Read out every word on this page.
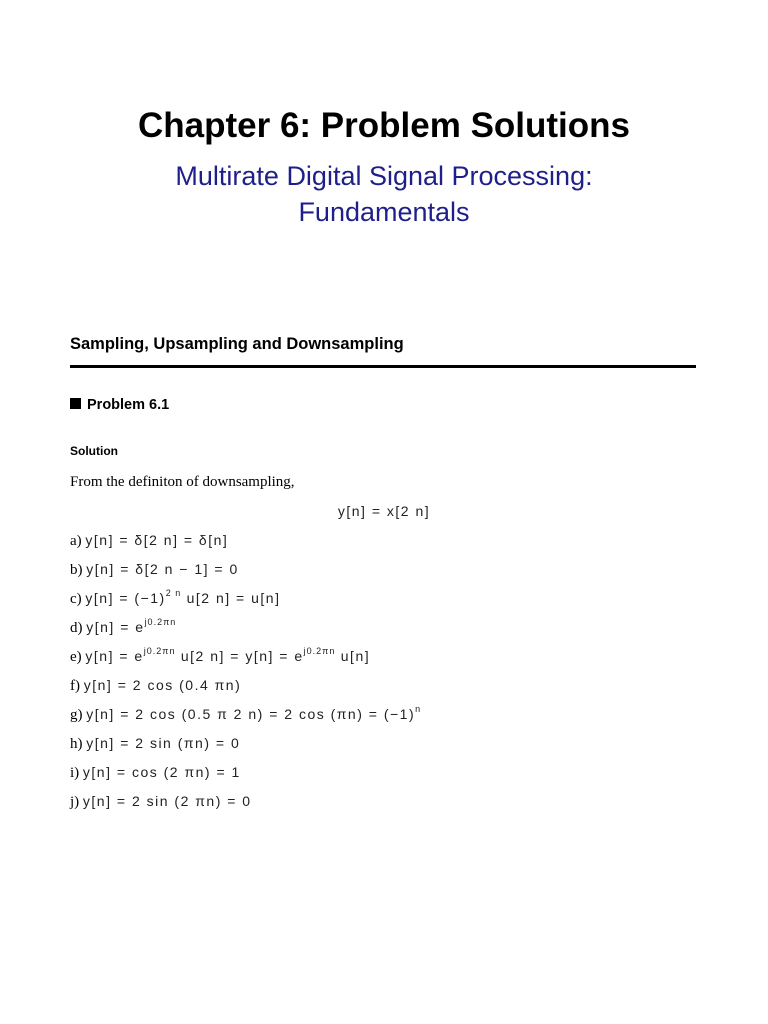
Chapter 6: Problem Solutions
Multirate Digital Signal Processing:
Fundamentals
Sampling, Upsampling and Downsampling
Problem 6.1
Solution

From the definiton of downsampling,

y[n] = x[2 n]
a) y[n] = δ[2 n] = δ[n]
b) y[n] = δ[2 n − 1] = 0
c) $y[n] = (-1)^{2 n}$ u[2 n] = u[n]
d) $y[n] = e^{j0.2\pi n}$
e) $y[n] = e^{j0.2\pi n}$ u[2 $n] = y[n] = e^{j0.2\pi n}$ u[n]
f) y[n] = 2 cos (0.4 πn)
g) y[n] = 2 cos (0.5 π 2 n) = 2 $\cos (\pi n) = (-1)^n$
h) y[n] = 2 sin (πn) = 0
i) y[n] = cos (2 πn) = 1
j) y[n] = 2 sin (2 πn) = 0
